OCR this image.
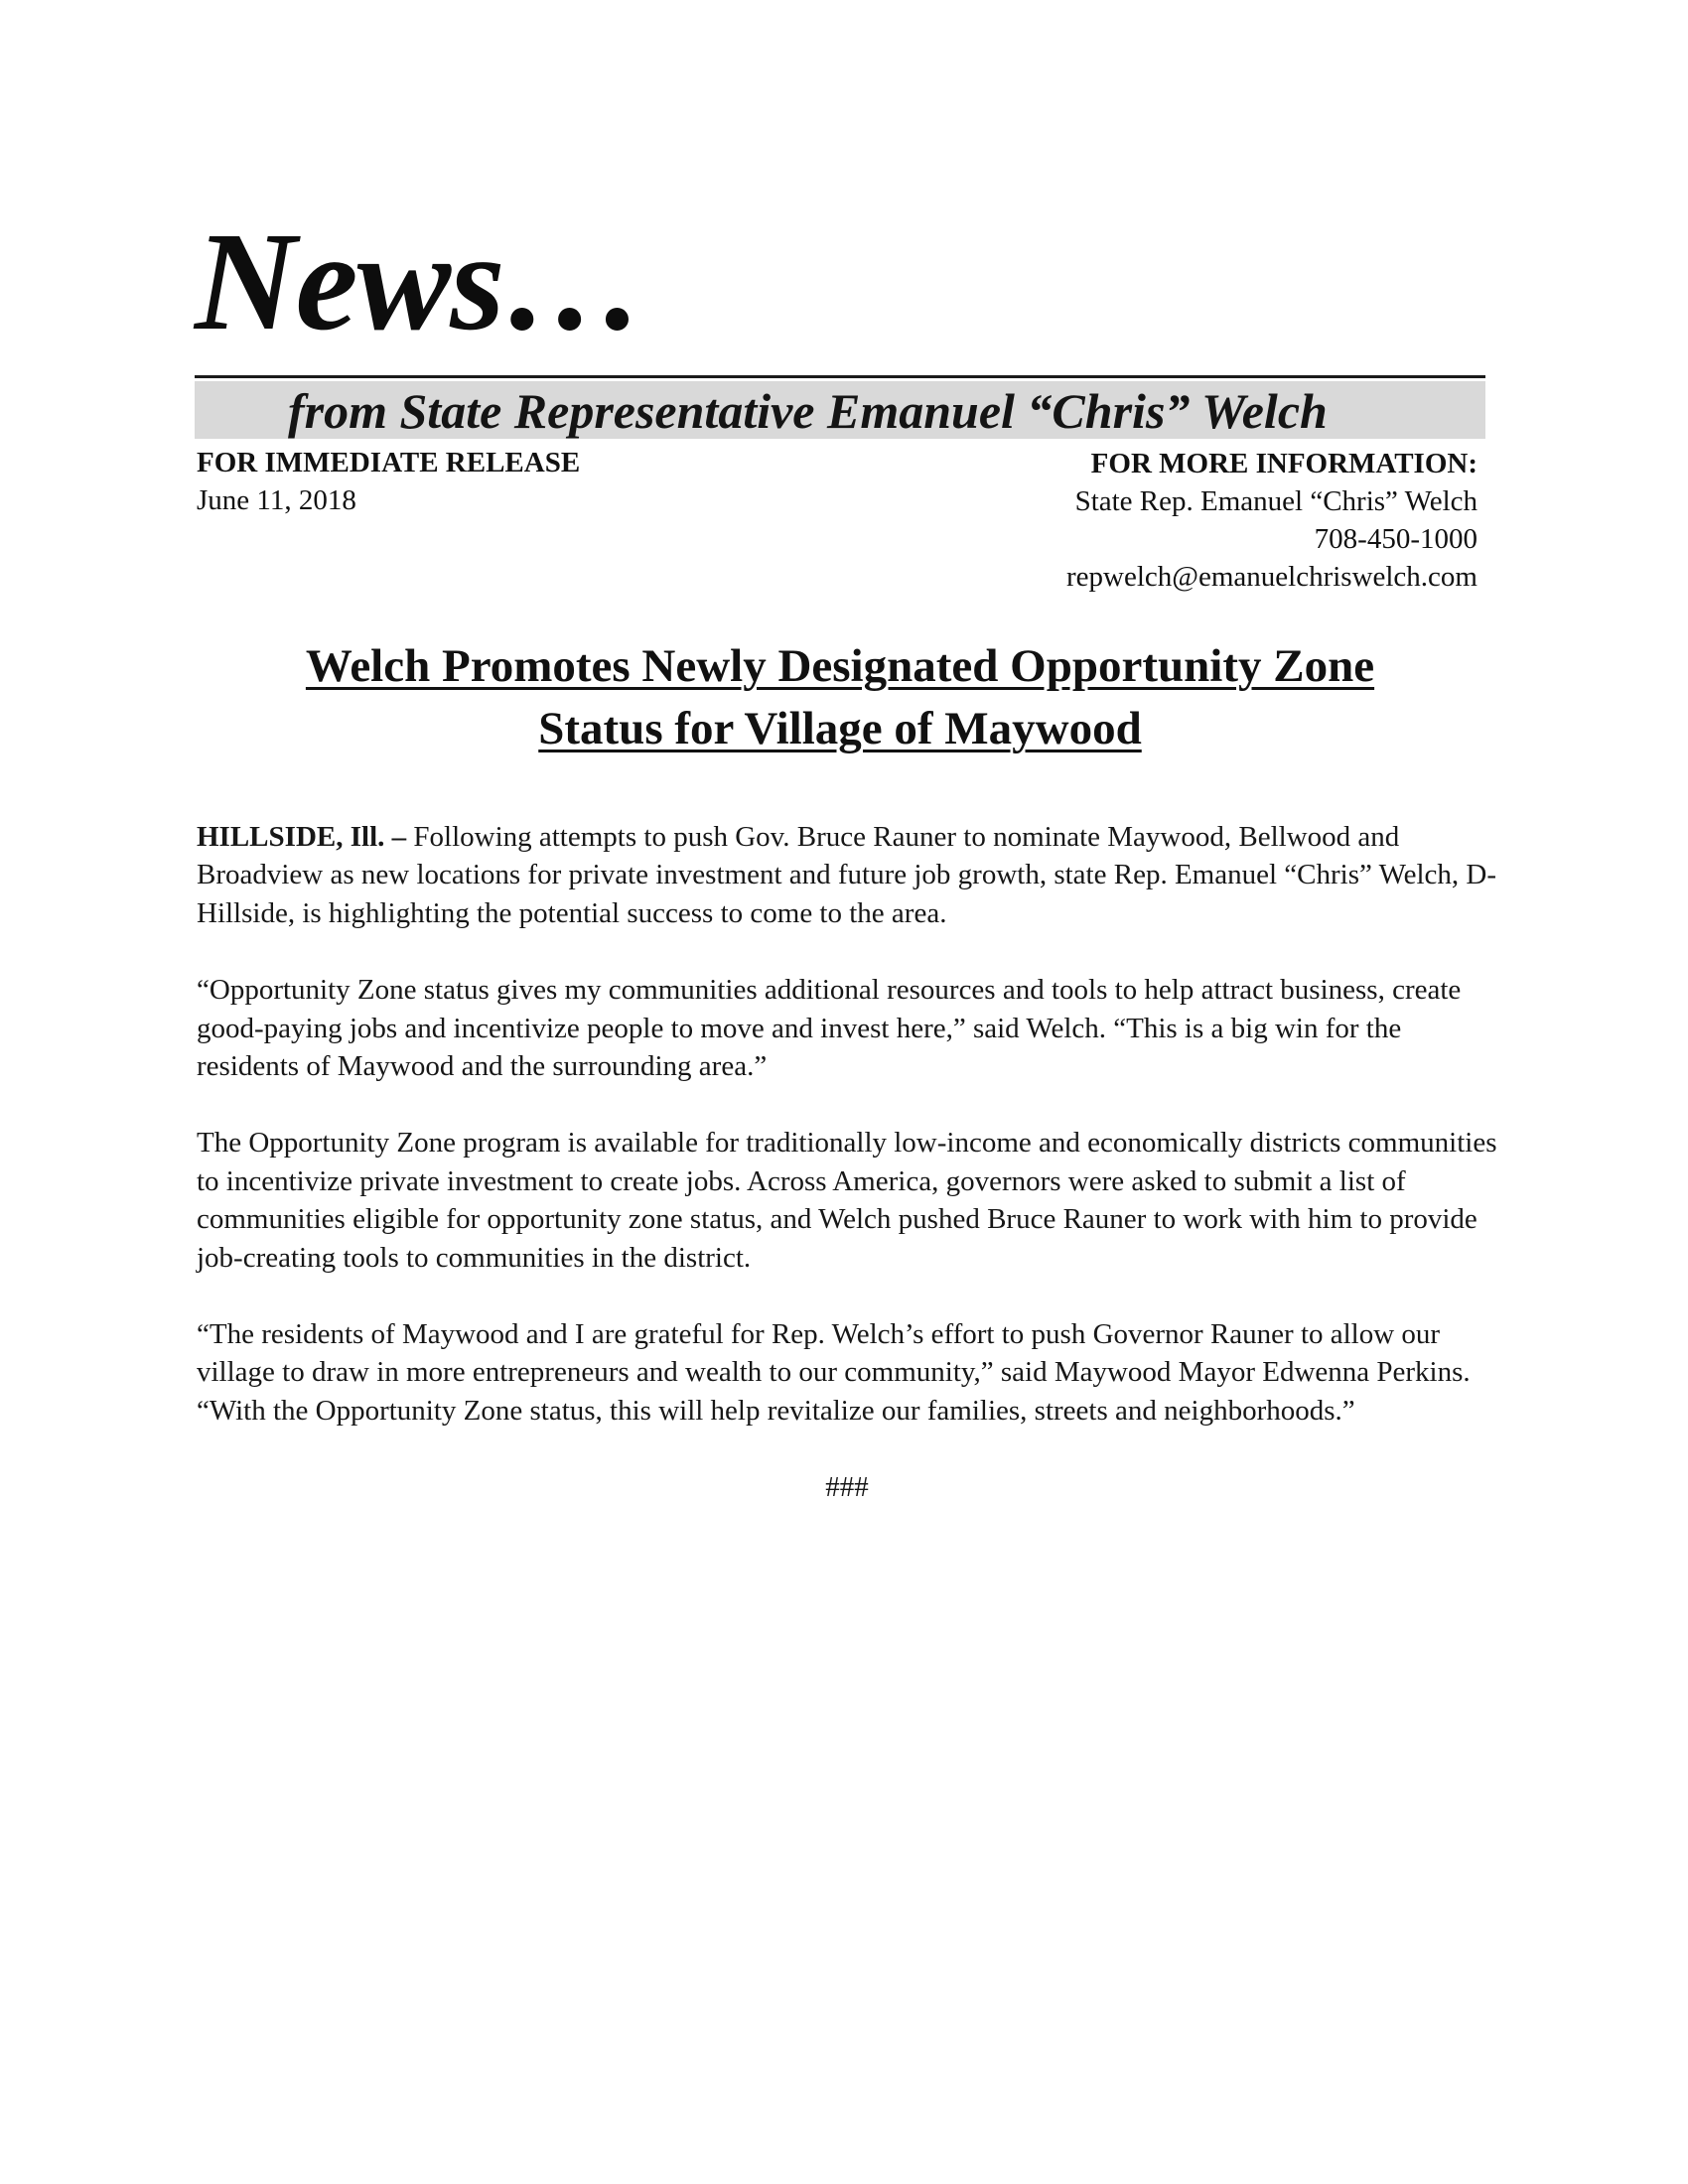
News…
from State Representative Emanuel “Chris” Welch
FOR IMMEDIATE RELEASE
June 11, 2018
FOR MORE INFORMATION:
State Rep. Emanuel “Chris” Welch
708-450-1000
repwelch@emanuelchriswelch.com
Welch Promotes Newly Designated Opportunity Zone
Status for Village of Maywood

HILLSIDE, Ill. – Following attempts to push Gov. Bruce Rauner to nominate Maywood, Bellwood and Broadview as new locations for private investment and future job growth, state Rep. Emanuel “Chris” Welch, D-Hillside, is highlighting the potential success to come to the area.

“Opportunity Zone status gives my communities additional resources and tools to help attract business, create good-paying jobs and incentivize people to move and invest here,” said Welch. “This is a big win for the residents of Maywood and the surrounding area.”

The Opportunity Zone program is available for traditionally low-income and economically districts communities to incentivize private investment to create jobs. Across America, governors were asked to submit a list of communities eligible for opportunity zone status, and Welch pushed Bruce Rauner to work with him to provide job-creating tools to communities in the district.

“The residents of Maywood and I are grateful for Rep. Welch’s effort to push Governor Rauner to allow our village to draw in more entrepreneurs and wealth to our community,” said Maywood Mayor Edwenna Perkins. “With the Opportunity Zone status, this will help revitalize our families, streets and neighborhoods.”

###
